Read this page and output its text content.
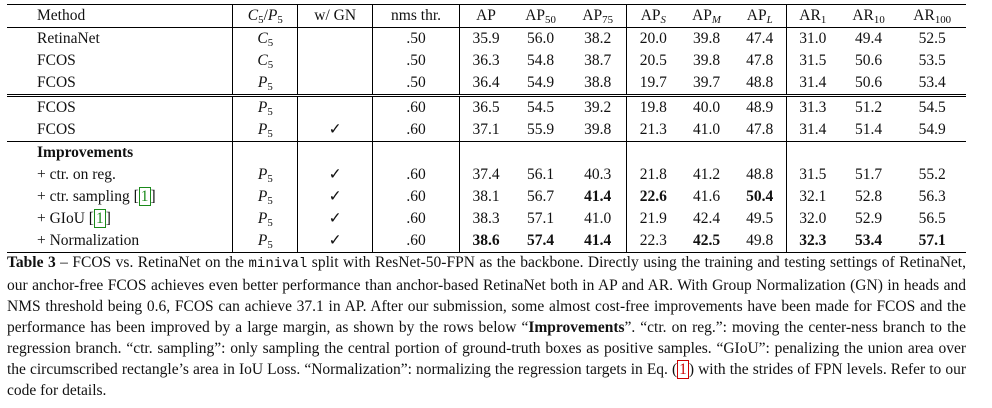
Method	$C_5/P_5$	w/ GN	nms thr.	AP	$AP_{50}$	$AP_{75}$	$AP_S$	$AP_M$	$AP_L$	$AR_1$	$AR_{10}$	$AR_{100}$
RetinaNet	$C_5$		.50	35.9	56.0	38.2	20.0	39.8	47.4	31.0	49.4	52.5
FCOS	$C_5$		.50	36.3	54.8	38.7	20.5	39.8	47.8	31.5	50.6	53.5
FCOS	$P_5$		.50	36.4	54.9	38.8	19.7	39.7	48.8	31.4	50.6	53.4
FCOS	$P_5$		.60	36.5	54.5	39.2	19.8	40.0	48.9	31.3	51.2	54.5
FCOS	$P_5$	✓	.60	37.1	55.9	39.8	21.3	41.0	47.8	31.4	51.4	54.9
Improvements												
+ ctr. on reg.	$P_5$	✓	.60	37.4	56.1	40.3	21.8	41.2	48.8	31.5	51.7	55.2
+ ctr. sampling [ 1 ]	$P_5$	✓	.60	38.1	56.7	41.4	22.6	41.6	50.4	32.1	52.8	56.3
+ GIoU [ 1 ]	$P_5$	✓	.60	38.3	57.1	41.0	21.9	42.4	49.5	32.0	52.9	56.5
+ Normalization	$P_5$	✓	.60	38.6	57.4	41.4	22.3	42.5	49.8	32.3	53.4	57.1
Table 3 – FCOS vs. RetinaNet on the minival split with ResNet-50-FPN as the backbone. Directly using the training and testing settings of RetinaNet, our anchor-free FCOS achieves even better performance than anchor-based RetinaNet both in AP and AR. With Group Normalization (GN) in heads and NMS threshold being 0.6, FCOS can achieve 37.1 in AP. After our submission, some almost cost-free improvements have been made for FCOS and the performance has been improved by a large margin, as shown by the rows below “Improvements”. “ctr. on reg.”: moving the center-ness branch to the regression branch. “ctr. sampling”: only sampling the central portion of ground-truth boxes as positive samples. “GIoU”: penalizing the union area over the circumscribed rectangle’s area in IoU Loss. “Normalization”: normalizing the regression targets in Eq. ( 1 ) with the strides of FPN levels. Refer to our code for details.
